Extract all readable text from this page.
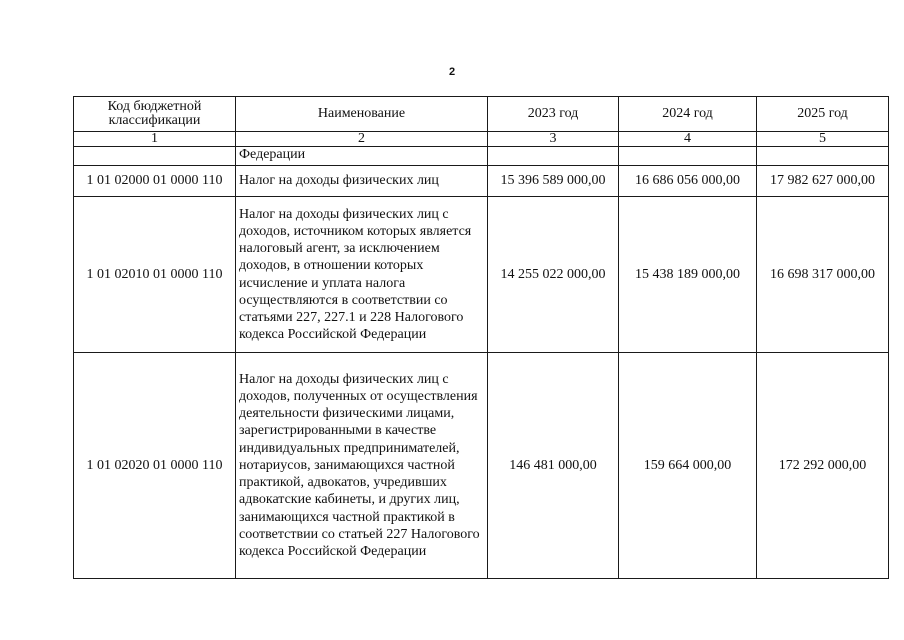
2
Код бюджетной классификации	Наименование	2023 год	2024 год	2025 год
1	2	3	4	5
	Федерации			
1 01 02000 01 0000 110	Налог на доходы физических лиц	15 396 589 000,00	16 686 056 000,00	17 982 627 000,00
1 01 02010 01 0000 110	Налог на доходы физических лиц с доходов, источником которых является налоговый агент, за исключением доходов, в отношении которых исчисление и уплата налога осуществляются в соответствии со статьями 227, 227.1 и 228 Налогового кодекса Российской Федерации	14 255 022 000,00	15 438 189 000,00	16 698 317 000,00
1 01 02020 01 0000 110	Налог на доходы физических лиц с доходов, полученных от осуществления деятельности физическими лицами, зарегистрированными в качестве индивидуальных предпринимателей, нотариусов, занимающихся частной практикой, адвокатов, учредивших адвокатские кабинеты, и других лиц, занимающихся частной практикой в соответствии со статьей 227 Налогового кодекса Российской Федерации	146 481 000,00	159 664 000,00	172 292 000,00
